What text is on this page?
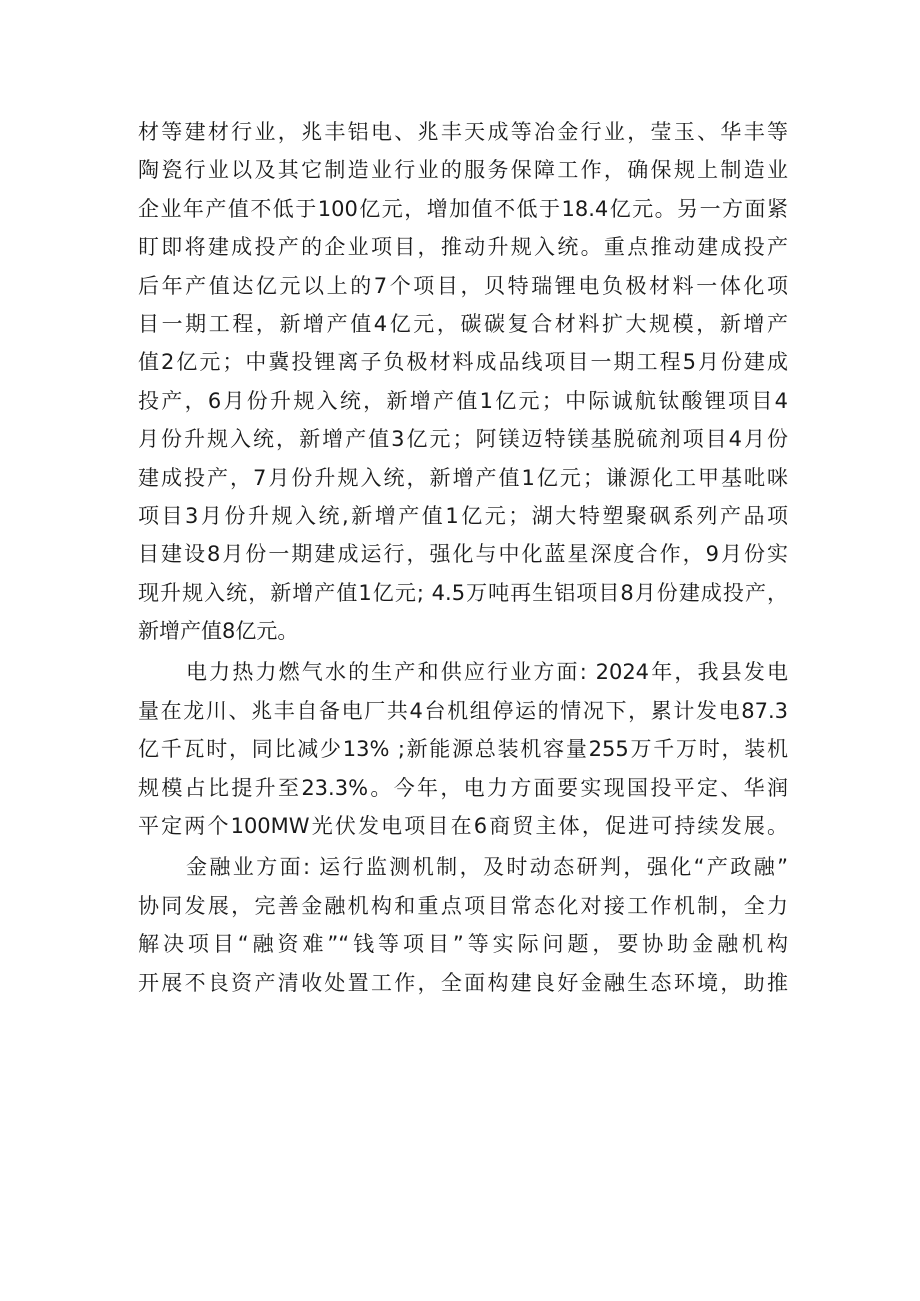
材等建材行业，兆丰铝电、兆丰天成等冶金行业，莹玉、华丰等
陶瓷行业以及其它制造业行业的服务保障工作，确保规上制造业
企业年产值不低于100亿元，增加值不低于18.4亿元。另一方面紧
盯即将建成投产的企业项目，推动升规入统。重点推动建成投产
后年产值达亿元以上的7个项目，贝特瑞锂电负极材料一体化项
目一期工程，新增产值4亿元，碳碳复合材料扩大规模，新增产
值2亿元；中冀投锂离子负极材料成品线项目一期工程5月份建成
投产，6月份升规入统，新增产值1亿元；中际诚航钛酸锂项目4
月份升规入统，新增产值3亿元；阿镁迈特镁基脱硫剂项目4月份
建成投产，7月份升规入统，新增产值1亿元；谦源化工甲基吡咪
项目3月份升规入统,新增产值1亿元；湖大特塑聚砜系列产品项
目建设8月份一期建成运行，强化与中化蓝星深度合作，9月份实
现升规入统，新增产值1亿元; 4.5万吨再生铝项目8月份建成投产，
新增产值8亿元。
电力热力燃气水的生产和供应行业方面: 2024年，我县发电
量在龙川、兆丰自备电厂共4台机组停运的情况下，累计发电87.3
亿千瓦时，同比减少13% ;新能源总装机容量255万千万时，装机
规模占比提升至23.3%。今年，电力方面要实现国投平定、华润
平定两个100MW光伏发电项目在6商贸主体，促进可持续发展。
金融业方面: 运行监测机制，及时动态研判，强化“产政融”
协同发展，完善金融机构和重点项目常态化对接工作机制，全力
解决项目“融资难”“钱等项目”等实际问题，要协助金融机构
开展不良资产清收处置工作，全面构建良好金融生态环境，助推
